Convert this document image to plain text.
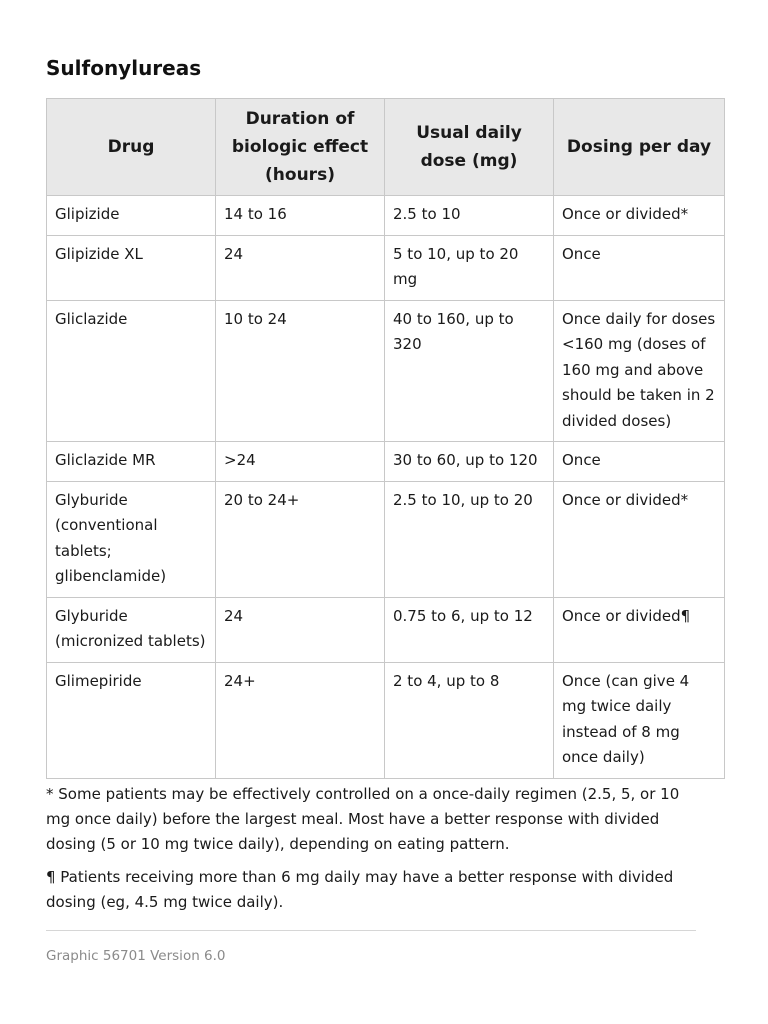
Sulfonylureas
Drug	Duration of biologic effect (hours)	Usual daily dose (mg)	Dosing per day
Glipizide	14 to 16	2.5 to 10	Once or divided*
Glipizide XL	24	5 to 10, up to 20 mg	Once
Gliclazide	10 to 24	40 to 160, up to 320	Once daily for doses <160 mg (doses of 160 mg and above should be taken in 2 divided doses)
Gliclazide MR	>24	30 to 60, up to 120	Once
Glyburide (conventional tablets; glibenclamide)	20 to 24+	2.5 to 10, up to 20	Once or divided*
Glyburide (micronized tablets)	24	0.75 to 6, up to 12	Once or divided¶
Glimepiride	24+	2 to 4, up to 8	Once (can give 4 mg twice daily instead of 8 mg once daily)

* Some patients may be effectively controlled on a once-daily regimen (2.5, 5, or 10 mg once daily) before the largest meal. Most have a better response with divided dosing (5 or 10 mg twice daily), depending on eating pattern.

¶ Patients receiving more than 6 mg daily may have a better response with divided dosing (eg, 4.5 mg twice daily).

Graphic 56701 Version 6.0
